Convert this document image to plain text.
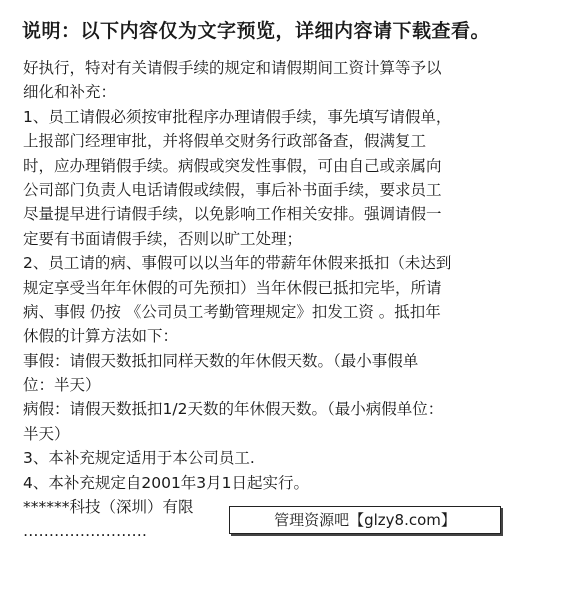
说明：以下内容仅为文字预览，详细内容请下载查看。
好执行，特对有关请假手续的规定和请假期间工资计算等予以
细化和补充：
1、员工请假必须按审批程序办理请假手续，事先填写请假单，
上报部门经理审批，并将假单交财务行政部备查，假满复工
时，应办理销假手续。病假或突发性事假，可由自己或亲属向
公司部门负责人电话请假或续假，事后补书面手续，要求员工
尽量提早进行请假手续，以免影响工作相关安排。强调请假一
定要有书面请假手续，否则以旷工处理；
2、员工请的病、事假可以以当年的带薪年休假来抵扣（未达到
规定享受当年年休假的可先预扣）当年休假已抵扣完毕，所请
病、事假 仍按 《公司员工考勤管理规定》扣发工资 。抵扣年
休假的计算方法如下：
事假：请假天数抵扣同样天数的年休假天数。（最小事假单
位：半天）
病假：请假天数抵扣1/2天数的年休假天数。（最小病假单位：
半天）
3、本补充规定适用于本公司员工.
4、本补充规定自2001年3月1日起实行。
******科技（深圳）有限
……………………
管理资源吧【glzy8.com】
